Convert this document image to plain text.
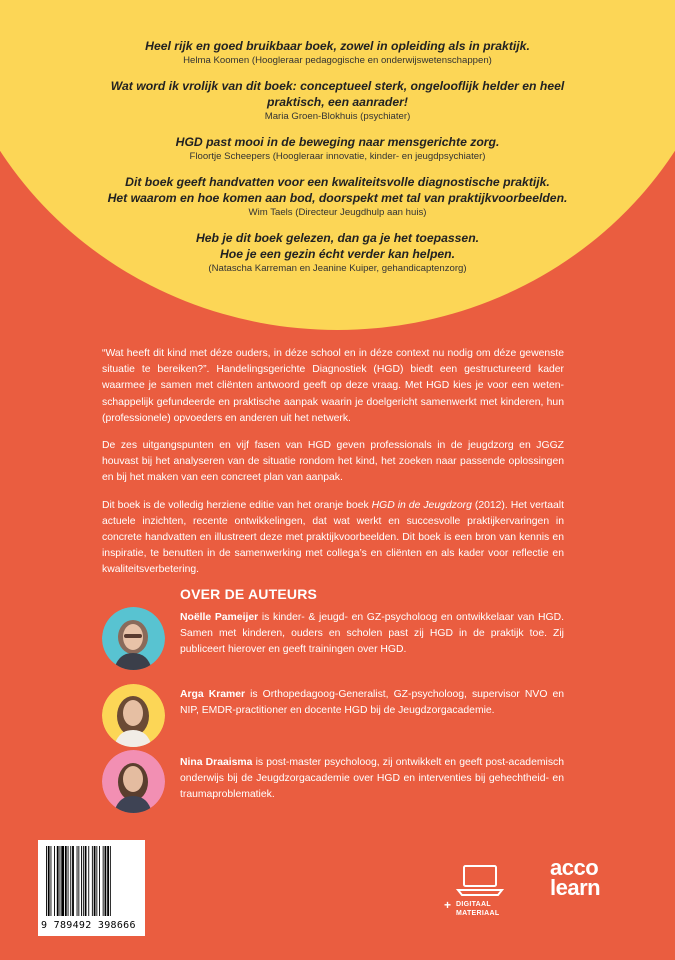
Heel rijk en goed bruikbaar boek, zowel in opleiding als in praktijk.
Helma Koomen (Hoogleraar pedagogische en onderwijswetenschappen)
Wat word ik vrolijk van dit boek: conceptueel sterk, ongelooflijk helder en heel
praktisch, een aanrader!
Maria Groen-Blokhuis (psychiater)
HGD past mooi in de beweging naar mensgerichte zorg.
Floortje Scheepers (Hoogleraar innovatie, kinder- en jeugdpsychiater)
Dit boek geeft handvatten voor een kwaliteitsvolle diagnostische praktijk.
Het waarom en hoe komen aan bod, doorspekt met tal van praktijkvoorbeelden.
Wim Taels (Directeur Jeugdhulp aan huis)
Heb je dit boek gelezen, dan ga je het toepassen.
Hoe je een gezin écht verder kan helpen.
(Natascha Karreman en Jeanine Kuiper, gehandicaptenzorg)

“Wat heeft dit kind met déze ouders, in déze school en in déze context nu nodig om déze gewenste situatie te bereiken?”. Handelingsgerichte Diagnostiek (HGD) biedt een gestructureerd kader waarmee je samen met cliënten antwoord geeft op deze vraag. Met HGD kies je voor een wetenschappelijk gefundeerde en praktische aanpak waarin je doelgericht samenwerkt met kinderen, hun (professionele) opvoeders en anderen uit het netwerk.

De zes uitgangspunten en vijf fasen van HGD geven professionals in de jeugdzorg en JGGZ houvast bij het analyseren van de situatie rondom het kind, het zoeken naar passende oplossingen en bij het maken van een concreet plan van aanpak.

Dit boek is de volledig herziene editie van het oranje boek HGD in de Jeugdzorg (2012). Het vertaalt actuele inzichten, recente ontwikkelingen, dat wat werkt en succesvolle praktijkervaringen in concrete handvatten en illustreert deze met praktijkvoorbeelden. Dit boek is een bron van kennis en inspiratie, te benutten in de samenwerking met collega’s en cliënten en als kader voor reflectie en kwaliteitsverbetering.

OVER DE AUTEURS
Noëlle Pameijer is kinder- & jeugd- en GZ-psycholoog en ontwikkelaar van HGD. Samen met kinderen, ouders en scholen past zij HGD in de praktijk toe. Zij publiceert hierover en geeft trainingen over HGD.
Arga Kramer is Orthopedagoog-Generalist, GZ-psycholoog, supervisor NVO en NIP, EMDR-practitioner en docente HGD bij de Jeugdzorgacademie.
Nina Draaisma is post-master psycholoog, zij ontwikkelt en geeft post-academisch onderwijs bij de Jeugdzorgacademie over HGD en interventies bij gehechtheid- en traumaproblematiek.
9 789492 398666
+ DIGITAAL
MATERIAAL
acco
learn
